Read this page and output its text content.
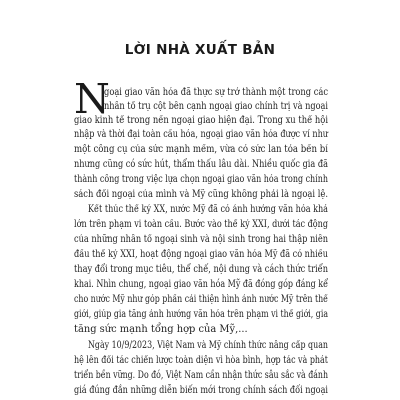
LỜI NHÀ XUẤT BẢN
N
goại giao văn hóa đã thực sự trở thành một trong các
nhân tố trụ cột bên cạnh ngoại giao chính trị và ngoại
giao kinh tế trong nền ngoại giao hiện đại. Trong xu thế hội
nhập và thời đại toàn cầu hóa, ngoại giao văn hóa được ví như
một công cụ của sức mạnh mềm, vừa có sức lan tỏa bền bỉ
nhưng cũng có sức hút, thẩm thấu lâu dài. Nhiều quốc gia đã
thành công trong việc lựa chọn ngoại giao văn hóa trong chính
sách đối ngoại của mình và Mỹ cũng không phải là ngoại lệ.
Kết thúc thế kỷ XX, nước Mỹ đã có ảnh hưởng văn hóa khá
lớn trên phạm vi toàn cầu. Bước vào thế kỷ XXI, dưới tác động
của những nhân tố ngoại sinh và nội sinh trong hai thập niên
đầu thế kỷ XXI, hoạt động ngoại giao văn hóa Mỹ đã có nhiều
thay đổi trong mục tiêu, thể chế, nội dung và cách thức triển
khai. Nhìn chung, ngoại giao văn hóa Mỹ đã đóng góp đáng kể
cho nước Mỹ như góp phần cải thiện hình ảnh nước Mỹ trên thế
giới, giúp gia tăng ảnh hưởng văn hóa trên phạm vi thế giới, gia
tăng sức mạnh tổng hợp của Mỹ,...
Ngày 10/9/2023, Việt Nam và Mỹ chính thức nâng cấp quan
hệ lên đối tác chiến lược toàn diện vì hòa bình, hợp tác và phát
triển bền vững. Do đó, Việt Nam cần nhận thức sâu sắc và đánh
giá đúng đắn những diễn biến mới trong chính sách đối ngoại
